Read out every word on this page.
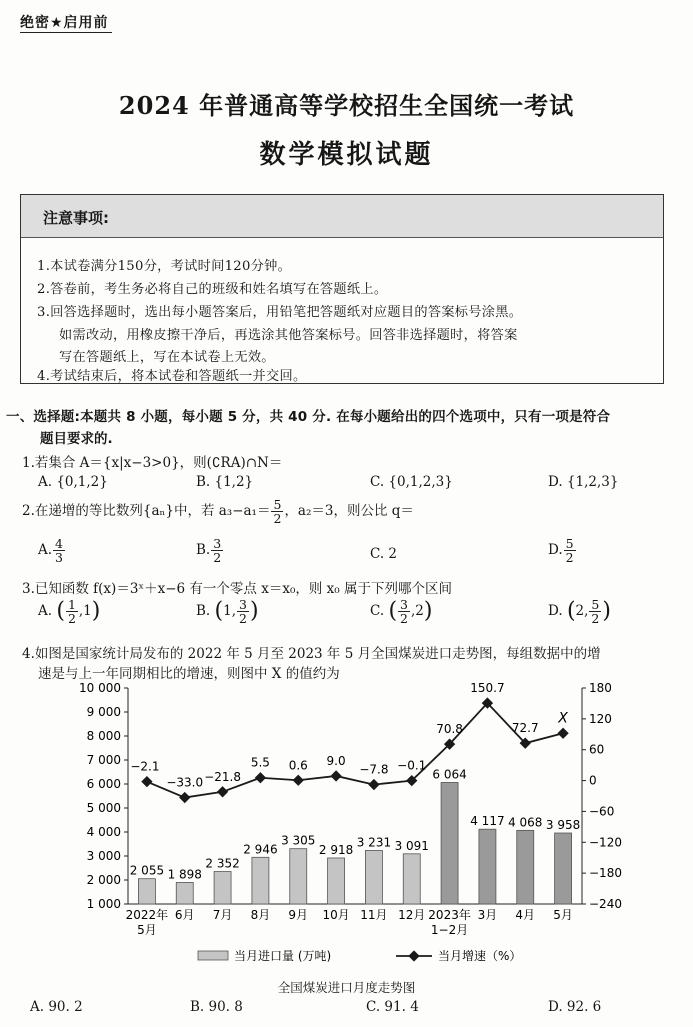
绝密★启用前
2024 年普通高等学校招生全国统一考试
数学模拟试题
注意事项:
1.本试卷满分150分，考试时间120分钟。
2.答卷前，考生务必将自己的班级和姓名填写在答题纸上。
3.回答选择题时，选出每小题答案后，用铅笔把答题纸对应题目的答案标号涂黑。
如需改动，用橡皮擦干净后，再选涂其他答案标号。回答非选择题时，将答案
写在答题纸上，写在本试卷上无效。
4.考试结束后，将本试卷和答题纸一并交回。
一、选择题:本题共 8 小题，每小题 5 分，共 40 分. 在每小题给出的四个选项中，只有一项是符合
题目要求的.
1.若集合 A＝{x|x−3>0}，则(∁RA)∩N＝
A. {0,1,2}	B. {1,2}	C. {0,1,2,3}	D. {1,2,3}
2.在递增的等比数列{aₙ}中，若 $a_3-a_1= \frac{5}{2}$ ，a₂＝3，则公比 q＝
A. $\frac{4}{3}$	B. $\frac{3}{2}$	C. 2	D. $\frac{5}{2}$
3.已知函数 f(x)＝3ˣ＋x−6 有一个零点 x＝x₀，则 x₀ 属于下列哪个区间
A. ( $\frac{1}{2} ,1$)	B. (1, $\frac{3}{2}$ )	C. ( $\frac{3}{2} ,2$)	D. (2, $\frac{5}{2}$ )
4.如图是国家统计局发布的 2022 年 5 月至 2023 年 5 月全国煤炭进口走势图，每组数据中的增
速是与上一年同期相比的增速，则图中 X 的值约为
1 000
2 000
3 000
4 000
5 000
6 000
7 000
8 000
9 000
10 000
−240
−180
−120
−60
0
60
120
180
2 055 1 898
2 352
2 946
3 305
2 918
3 231 3 091
6 064
4 117 4 068 3 958
−2.1
−33.0 −21.8
5.5 0.6 9.0
−7.8 −0.1
70.8
150.7
72.7
X
2022年
5月
6月 7月 8月 9月 10月 11月 12月 2023年
1−2月
3月 4月 5月
当月进口量 (万吨)	当月增速（%）
全国煤炭进口月度走势图
A. 90. 2	B. 90. 8	C. 91. 4	D. 92. 6
